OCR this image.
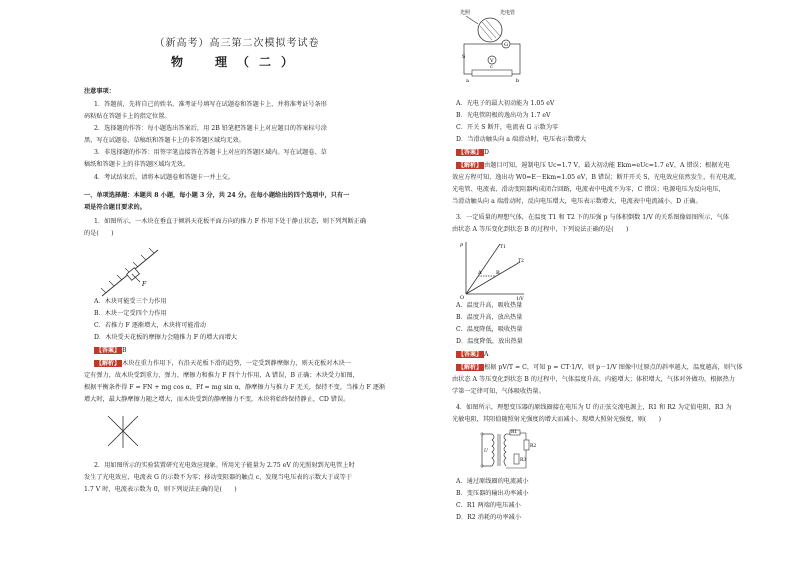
（新高考）高三第二次模拟考试卷
物　理（二）
注意事项：
1．答题前，先将自己的姓名、准考证号填写在试题卷和答题卡上，并将准考证号条形
码粘贴在答题卡上的指定位置。
2．选择题的作答：每小题选出答案后，用 2B 铅笔把答题卡上对应题目的答案标号涂
黑，写在试题卷、草稿纸和答题卡上的非答题区域均无效。
3．非选择题的作答：用签字笔直接答在答题卡上对应的答题区域内。写在试题卷、草
稿纸和答题卡上的非答题区域均无效。
4．考试结束后，请将本试题卷和答题卡一并上交。
一、单项选择题：本题共 8 小题，每小题 3 分，共 24 分。在每小题给出的四个选项中，只有一
项是符合题目要求的。
1．如图所示，一木块在垂直于倾斜天花板平面方向的推力 F 作用下处于静止状态，则下列判断正确
的是(　　)
F
A．木块可能受三个力作用
B．木块一定受四个力作用
C．若推力 F 逐渐增大，木块将可能滑动
D．木块受天花板的摩擦力会随推力 F 的增大而增大
【答案】 B
【解析】 木块在重力作用下，有沿天花板下滑的趋势，一定受到静摩擦力，则天花板对木块一
定有弹力，故木块受到重力、弹力、摩擦力和推力 F 四个力作用，A 错误，B 正确；木块受力如图，
根据平衡条件得 F = FN + mg cos α，Ff = mg sin α，静摩擦力与推力 F 无关，保持不变，当推力 F 逐渐
增大时，最大静摩擦力随之增大，而木块受到的静摩擦力不变，木块将始终保持静止，CD 错误。
2．用如图所示的实验装置研究光电效应现象。所用光子能量为 2.75 eV 的光照射到光电管上时
发生了光电效应，电流表 G 的示数不为零；移动变阻器的触点 c，发现当电压表的示数大于或等于
1.7 V 时，电流表示数为 0，则下列说法正确的是(　　)
光照	光电管
G
V
a	b
c
S
A．光电子的最大初动能为 1.05 eV
B．光电管阴极的逸出功为 1.7 eV
C．开关 S 断开，电流表 G 示数为零
D．当滑动触头向 a 端滑动时，电压表示数增大
【答案】 D
【解析】 由题目可知，遏制电压 Uc=1.7 V，最大初动能 Ekm=eUc=1.7 eV，A 错误；根据光电
效应方程可知，逸出功 W0=E－Ekm=1.05 eV，B 错误；断开开关 S，光电效应依然发生，有光电流，
光电管、电流表、滑动变阻器构成闭合回路，电流表中电流不为零，C 错误；电源电压为反向电压，
当滑动触头向 a 端滑动时，反向电压增大，电压表示数增大，电流表中电流减小，D 正确。
3．一定质量的理想气体，在温度 T1 和 T2 下的压强 p 与体积倒数 1/V 的关系图像如图所示，气体
由状态 A 等压变化到状态 B 的过程中，下列说法正确的是(　　)
p
O	1/V
A	B
T1
T2
A．温度升高，吸收热量
B．温度升高，放出热量
C．温度降低，吸收热量
D．温度降低，放出热量
【答案】 A
【解析】 根据 pV/T = C，可知 p = CT·1/V，则 p－1/V 图像中过原点的斜率越大，温度越高，则气体
由状态 A 等压变化到状态 B 的过程中，气体温度升高，内能增大；体积增大，气体对外做功，根据热力
学第一定律可知，气体吸收热量。
4．如图所示，理想变压器的原线圈接在电压为 U 的正弦交流电源上，R1 和 R2 为定值电阻，R3 为
光敏电阻，其阻值随照射光强度的增大而减小。现增大照射光强度，则(　　)
R1
R2
R3
U
A．通过原线圈的电流减小
B．变压器的输出功率减小
C．R1 两端的电压减小
D．R2 消耗的功率减小
